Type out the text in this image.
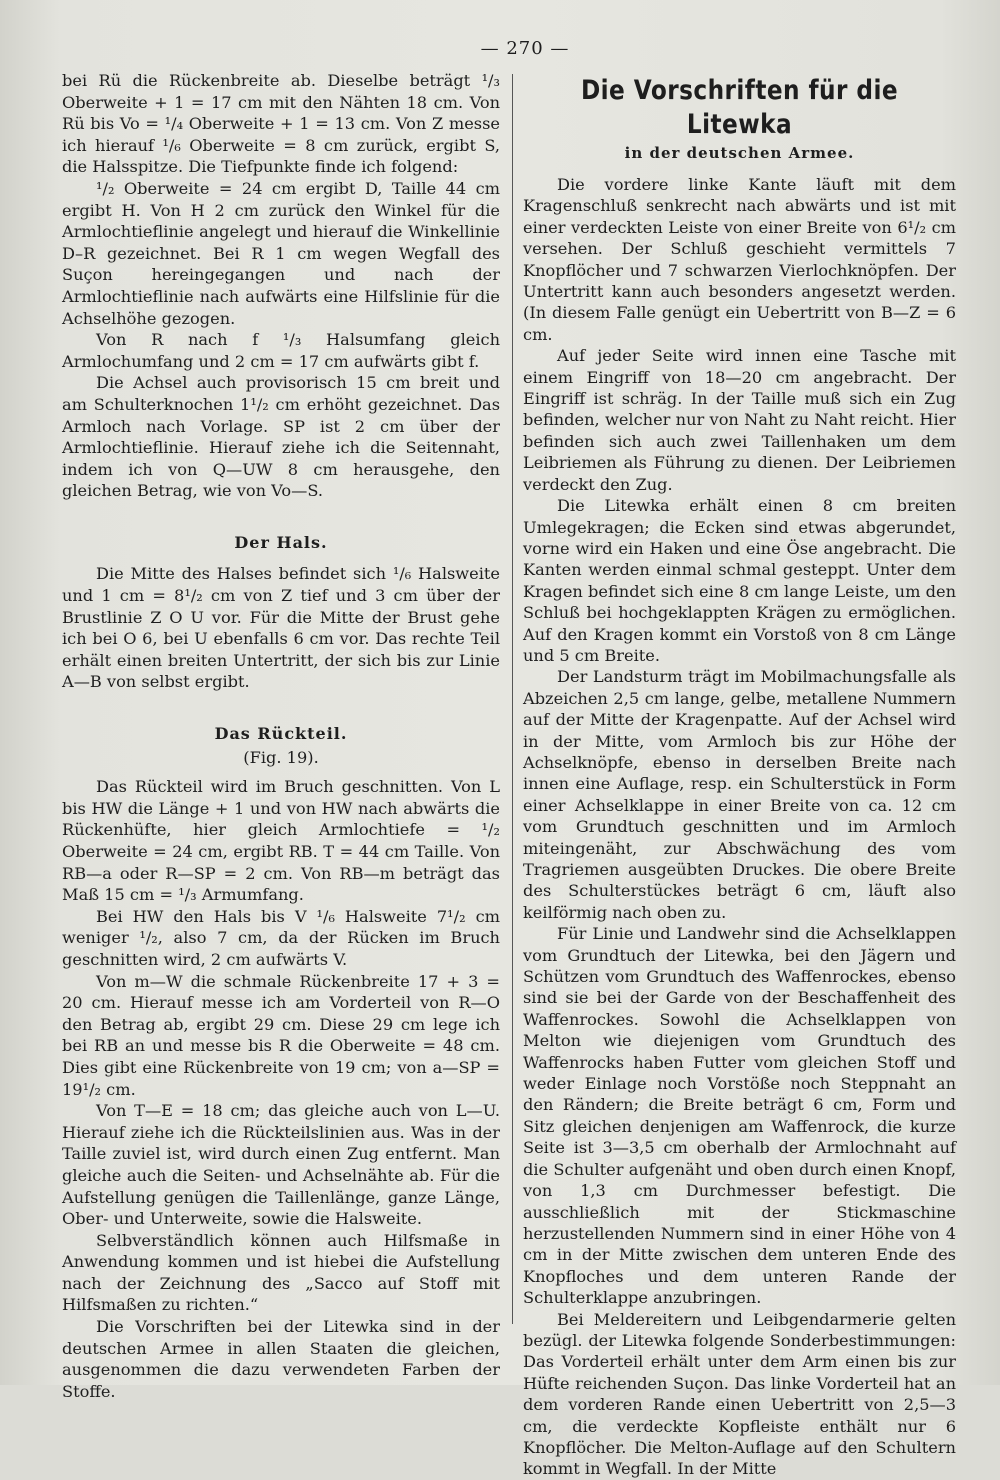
— 270 —

bei Rü die Rückenbreite ab. Dieselbe beträgt ¹/₃ Oberweite + 1 = 17 cm mit den Nähten 18 cm. Von Rü bis Vo = ¹/₄ Oberweite + 1 = 13 cm. Von Z messe ich hierauf ¹/₆ Oberweite = 8 cm zurück, ergibt S, die Halsspitze. Die Tiefpunkte finde ich folgend:

¹/₂ Oberweite = 24 cm ergibt D, Taille 44 cm ergibt H. Von H 2 cm zurück den Winkel für die Armlochtieflinie angelegt und hierauf die Winkellinie D–R gezeichnet. Bei R 1 cm wegen Wegfall des Suçon hereingegangen und nach der Armlochtieflinie nach aufwärts eine Hilfslinie für die Achselhöhe gezogen.

Von R nach f ¹/₃ Halsumfang gleich Armlochumfang und 2 cm = 17 cm aufwärts gibt f.

Die Achsel auch provisorisch 15 cm breit und am Schulterknochen 1¹/₂ cm erhöht gezeichnet. Das Armloch nach Vorlage. SP ist 2 cm über der Armlochtieflinie. Hierauf ziehe ich die Seitennaht, indem ich von Q—UW 8 cm herausgehe, den gleichen Betrag, wie von Vo—S.

Der Hals.

Die Mitte des Halses befindet sich ¹/₆ Halsweite und 1 cm = 8¹/₂ cm von Z tief und 3 cm über der Brustlinie Z O U vor. Für die Mitte der Brust gehe ich bei O 6, bei U ebenfalls 6 cm vor. Das rechte Teil erhält einen breiten Untertritt, der sich bis zur Linie A—B von selbst ergibt.

Das Rückteil.
(Fig. 19).

Das Rückteil wird im Bruch geschnitten. Von L bis HW die Länge + 1 und von HW nach abwärts die Rückenhüfte, hier gleich Armlochtiefe = ¹/₂ Oberweite = 24 cm, ergibt RB. T = 44 cm Taille. Von RB—a oder R—SP = 2 cm. Von RB—m beträgt das Maß 15 cm = ¹/₃ Armumfang.

Bei HW den Hals bis V ¹/₆ Halsweite 7¹/₂ cm weniger ¹/₂, also 7 cm, da der Rücken im Bruch geschnitten wird, 2 cm aufwärts V.

Von m—W die schmale Rückenbreite 17 + 3 = 20 cm. Hierauf messe ich am Vorderteil von R—O den Betrag ab, ergibt 29 cm. Diese 29 cm lege ich bei RB an und messe bis R die Oberweite = 48 cm. Dies gibt eine Rückenbreite von 19 cm; von a—SP = 19¹/₂ cm.

Von T—E = 18 cm; das gleiche auch von L—U. Hierauf ziehe ich die Rückteilslinien aus. Was in der Taille zuviel ist, wird durch einen Zug entfernt. Man gleiche auch die Seiten- und Achselnähte ab. Für die Aufstellung genügen die Taillenlänge, ganze Länge, Ober- und Unterweite, sowie die Halsweite.

Selbverständlich können auch Hilfsmaße in Anwendung kommen und ist hiebei die Aufstellung nach der Zeichnung des „Sacco auf Stoff mit Hilfsmaßen zu richten.“

Die Vorschriften bei der Litewka sind in der deutschen Armee in allen Staaten die gleichen, ausgenommen die dazu verwendeten Farben der Stoffe.

Die Vorschriften für die Litewka
in der deutschen Armee.

Die vordere linke Kante läuft mit dem Kragenschluß senkrecht nach abwärts und ist mit einer verdeckten Leiste von einer Breite von 6¹/₂ cm versehen. Der Schluß geschieht vermittels 7 Knopflöcher und 7 schwarzen Vierlochknöpfen. Der Untertritt kann auch besonders angesetzt werden. (In diesem Falle genügt ein Uebertritt von B—Z = 6 cm.

Auf jeder Seite wird innen eine Tasche mit einem Eingriff von 18—20 cm angebracht. Der Eingriff ist schräg. In der Taille muß sich ein Zug befinden, welcher nur von Naht zu Naht reicht. Hier befinden sich auch zwei Taillenhaken um dem Leibriemen als Führung zu dienen. Der Leibriemen verdeckt den Zug.

Die Litewka erhält einen 8 cm breiten Umlegekragen; die Ecken sind etwas abgerundet, vorne wird ein Haken und eine Öse angebracht. Die Kanten werden einmal schmal gesteppt. Unter dem Kragen befindet sich eine 8 cm lange Leiste, um den Schluß bei hochgeklappten Krägen zu ermöglichen. Auf den Kragen kommt ein Vorstoß von 8 cm Länge und 5 cm Breite.

Der Landsturm trägt im Mobilmachungsfalle als Abzeichen 2,5 cm lange, gelbe, metallene Nummern auf der Mitte der Kragenpatte. Auf der Achsel wird in der Mitte, vom Armloch bis zur Höhe der Achselknöpfe, ebenso in derselben Breite nach innen eine Auflage, resp. ein Schulterstück in Form einer Achselklappe in einer Breite von ca. 12 cm vom Grundtuch geschnitten und im Armloch miteingenäht, zur Abschwächung des vom Tragriemen ausgeübten Druckes. Die obere Breite des Schulterstückes beträgt 6 cm, läuft also keilförmig nach oben zu.

Für Linie und Landwehr sind die Achselklappen vom Grundtuch der Litewka, bei den Jägern und Schützen vom Grundtuch des Waffenrockes, ebenso sind sie bei der Garde von der Beschaffenheit des Waffenrockes. Sowohl die Achselklappen von Melton wie diejenigen vom Grundtuch des Waffenrocks haben Futter vom gleichen Stoff und weder Einlage noch Vorstöße noch Steppnaht an den Rändern; die Breite beträgt 6 cm, Form und Sitz gleichen denjenigen am Waffenrock, die kurze Seite ist 3—3,5 cm oberhalb der Armlochnaht auf die Schulter aufgenäht und oben durch einen Knopf, von 1,3 cm Durchmesser befestigt. Die ausschließlich mit der Stickmaschine herzustellenden Nummern sind in einer Höhe von 4 cm in der Mitte zwischen dem unteren Ende des Knopfloches und dem unteren Rande der Schulterklappe anzubringen.

Bei Meldereitern und Leibgendarmerie gelten bezügl. der Litewka folgende Sonderbestimmungen: Das Vorderteil erhält unter dem Arm einen bis zur Hüfte reichenden Suçon. Das linke Vorderteil hat an dem vorderen Rande einen Uebertritt von 2,5—3 cm, die verdeckte Kopfleiste enthält nur 6 Knopflöcher. Die Melton-Auflage auf den Schultern kommt in Wegfall. In der Mitte
